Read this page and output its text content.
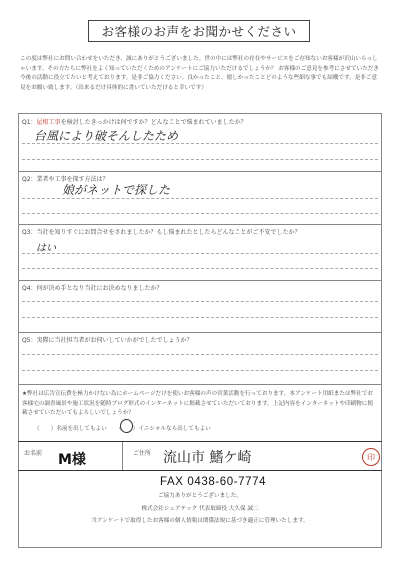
お客様のお声をお聞かせください
この度は弊社にお問い合わせをいただき、誠にありがとうございました。世の中には弊社の存在やサービスをご存知ないお客様が沢山いらっしゃいます。その方たちに弊社をよく知っていただくためのアンケートにご協力いただけるでしょうか？ お客様のご意見を参考にさせていただき今後の活動に役立てたいと考えております。是非ご協力ください。良かったこと、嬉しかったことどのような些細な事でも結構です。是非ご意見をお願い致します。（出来るだけ具体的に書いていただけると幸いです）
Q1：屋根工事を検討したきっかけは何ですか？どんなことで悩まれていましたか？
台風により破そんしたため
Q2：業者や工事を探す方法は？
娘がネットで探した
Q3：当社を知りすぐにお問合せをされましたか？もし悩まれたとしたらどんなことがご不安でしたか？
はい
Q4：何が決め手となり当社にお決めなりましたか？
Q5：実際に当社担当者がお伺いしていかがでしたでしょうか？
★弊社は広告宣伝費を極力かけない為にホームページだけを使いお客様の声の営業活動を行っております。本アンケート用紙または弊社でお客様宅の調査風景や施工状況を随時ブログ形式のインターネットに掲載させていただいております。上記内容をインターネットや印刷物に掲載させていただいてもよろしいでしょうか？
（　　）名前を出してもよい （　　）イニシャルなら出してもよい
お名前 M様	ご住所 流山市 鰭ケ崎	印
FAX 0438-60-7774
ご協力ありがとうございました。
株式会社シェアテック 代表取締役 大久保 誠二
当アンケートで取得したお客様の個人情報は関係法規に基づき適正に管理いたします。
